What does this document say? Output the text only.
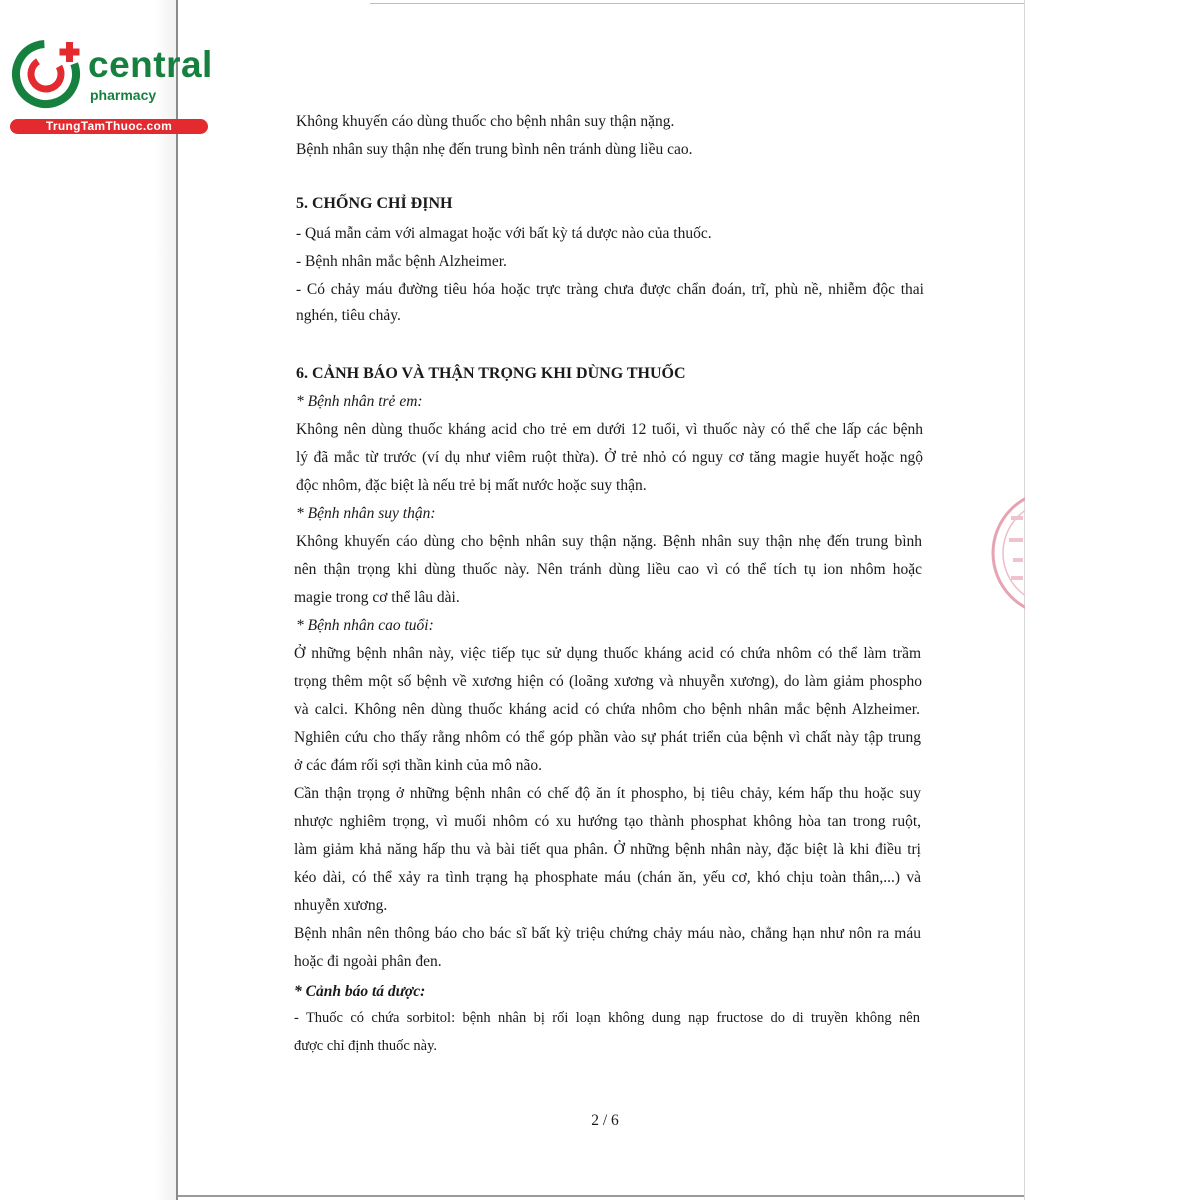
central
pharmacy
TrungTamThuoc.com	Không khuyến cáo dùng thuốc cho bệnh nhân suy thận nặng.

Bệnh nhân suy thận nhẹ đến trung bình nên tránh dùng liều cao.

5. CHỐNG CHỈ ĐỊNH

- Quá mẫn cảm với almagat hoặc với bất kỳ tá dược nào của thuốc.

- Bệnh nhân mắc bệnh Alzheimer.

- Có chảy máu đường tiêu hóa hoặc trực tràng chưa được chẩn đoán, trĩ, phù nề, nhiễm độc thai

nghén, tiêu chảy.

6. CẢNH BÁO VÀ THẬN TRỌNG KHI DÙNG THUỐC

* Bệnh nhân trẻ em:

Không nên dùng thuốc kháng acid cho trẻ em dưới 12 tuổi, vì thuốc này có thể che lấp các bệnh

lý đã mắc từ trước (ví dụ như viêm ruột thừa). Ở trẻ nhỏ có nguy cơ tăng magie huyết hoặc ngộ

độc nhôm, đặc biệt là nếu trẻ bị mất nước hoặc suy thận.

* Bệnh nhân suy thận:

Không khuyến cáo dùng cho bệnh nhân suy thận nặng. Bệnh nhân suy thận nhẹ đến trung bình

nên thận trọng khi dùng thuốc này. Nên tránh dùng liều cao vì có thể tích tụ ion nhôm hoặc

magie trong cơ thể lâu dài.

* Bệnh nhân cao tuổi:

Ở những bệnh nhân này, việc tiếp tục sử dụng thuốc kháng acid có chứa nhôm có thể làm trầm

trọng thêm một số bệnh về xương hiện có (loãng xương và nhuyễn xương), do làm giảm phospho

và calci. Không nên dùng thuốc kháng acid có chứa nhôm cho bệnh nhân mắc bệnh Alzheimer.

Nghiên cứu cho thấy rằng nhôm có thể góp phần vào sự phát triển của bệnh vì chất này tập trung

ở các đám rối sợi thần kinh của mô não.

Cần thận trọng ở những bệnh nhân có chế độ ăn ít phospho, bị tiêu chảy, kém hấp thu hoặc suy

nhược nghiêm trọng, vì muối nhôm có xu hướng tạo thành phosphat không hòa tan trong ruột,

làm giảm khả năng hấp thu và bài tiết qua phân. Ở những bệnh nhân này, đặc biệt là khi điều trị

kéo dài, có thể xảy ra tình trạng hạ phosphate máu (chán ăn, yếu cơ, khó chịu toàn thân,...) và

nhuyễn xương.

Bệnh nhân nên thông báo cho bác sĩ bất kỳ triệu chứng chảy máu nào, chẳng hạn như nôn ra máu

hoặc đi ngoài phân đen.

* Cảnh báo tá dược:

- Thuốc có chứa sorbitol: bệnh nhân bị rối loạn không dung nạp fructose do di truyền không nên

được chỉ định thuốc này.

2 / 6
